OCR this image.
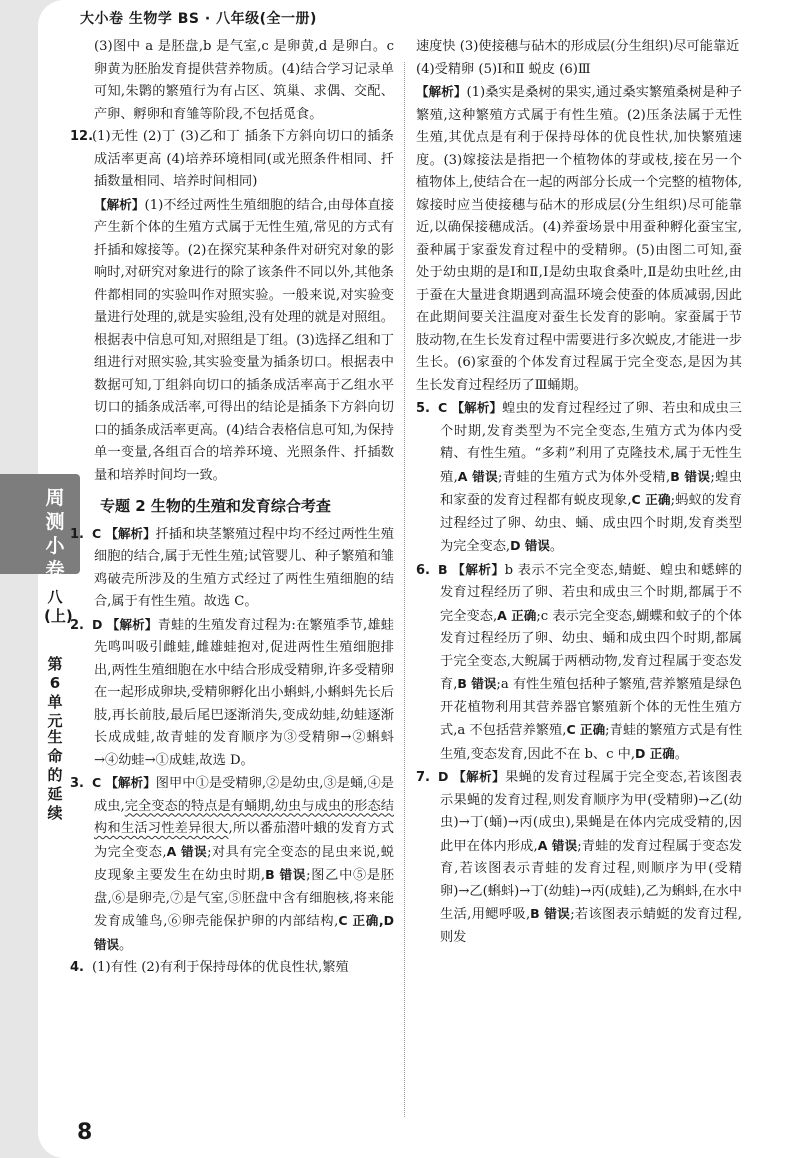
大小卷 生物学 BS · 八年级(全一册)
周测小卷
八(上)
第6单元
生命的延续

(3)图中 a 是胚盘,b 是气室,c 是卵黄,d 是卵白。c 卵黄为胚胎发育提供营养物质。(4)结合学习记录单可知,朱鹮的繁殖行为有占区、筑巢、求偶、交配、产卵、孵卵和育雏等阶段,不包括觅食。

12.(1)无性 (2)丁 (3)乙和丁 插条下方斜向切口的插条成活率更高 (4)培养环境相同(或光照条件相同、扦插数量相同、培养时间相同)

【解析】(1)不经过两性生殖细胞的结合,由母体直接产生新个体的生殖方式属于无性生殖,常见的方式有扦插和嫁接等。(2)在探究某种条件对研究对象的影响时,对研究对象进行的除了该条件不同以外,其他条件都相同的实验叫作对照实验。一般来说,对实验变量进行处理的,就是实验组,没有处理的就是对照组。根据表中信息可知,对照组是丁组。(3)选择乙组和丁组进行对照实验,其实验变量为插条切口。根据表中数据可知,丁组斜向切口的插条成活率高于乙组水平切口的插条成活率,可得出的结论是插条下方斜向切口的插条成活率更高。(4)结合表格信息可知,为保持单一变量,各组百合的培养环境、光照条件、扦插数量和培养时间均一致。

专题 2 生物的生殖和发育综合考查

1. C 【解析】扦插和块茎繁殖过程中均不经过两性生殖细胞的结合,属于无性生殖;试管婴儿、种子繁殖和雏鸡破壳所涉及的生殖方式经过了两性生殖细胞的结合,属于有性生殖。故选 C。

2. D 【解析】青蛙的生殖发育过程为:在繁殖季节,雄蛙先鸣叫吸引雌蛙,雌雄蛙抱对,促进两性生殖细胞排出,两性生殖细胞在水中结合形成受精卵,许多受精卵在一起形成卵块,受精卵孵化出小蝌蚪,小蝌蚪先长后肢,再长前肢,最后尾巴逐渐消失,变成幼蛙,幼蛙逐渐长成成蛙,故青蛙的发育顺序为③受精卵→②蝌蚪→④幼蛙→①成蛙,故选 D。

3. C 【解析】图甲中①是受精卵,②是幼虫,③是蛹,④是成虫,完全变态的特点是有蛹期,幼虫与成虫的形态结构和生活习性差异很大,所以番茄潜叶蛾的发育方式为完全变态,A 错误;对具有完全变态的昆虫来说,蜕皮现象主要发生在幼虫时期,B 错误;图乙中⑤是胚盘,⑥是卵壳,⑦是气室,⑤胚盘中含有细胞核,将来能发育成雏鸟,⑥卵壳能保护卵的内部结构,C 正确,D 错误。

4. (1)有性 (2)有利于保持母体的优良性状,繁殖

速度快 (3)使接穗与砧木的形成层(分生组织)尽可能靠近

(4)受精卵 (5)Ⅰ和Ⅱ 蜕皮 (6)Ⅲ

【解析】(1)桑实是桑树的果实,通过桑实繁殖桑树是种子繁殖,这种繁殖方式属于有性生殖。(2)压条法属于无性生殖,其优点是有利于保持母体的优良性状,加快繁殖速度。(3)嫁接法是指把一个植物体的芽或枝,接在另一个植物体上,使结合在一起的两部分长成一个完整的植物体,嫁接时应当使接穗与砧木的形成层(分生组织)尽可能靠近,以确保接穗成活。(4)养蚕场景中用蚕种孵化蚕宝宝,蚕种属于家蚕发育过程中的受精卵。(5)由图二可知,蚕处于幼虫期的是Ⅰ和Ⅱ,Ⅰ是幼虫取食桑叶,Ⅱ是幼虫吐丝,由于蚕在大量进食期遇到高温环境会使蚕的体质减弱,因此在此期间要关注温度对蚕生长发育的影响。家蚕属于节肢动物,在生长发育过程中需要进行多次蜕皮,才能进一步生长。(6)家蚕的个体发育过程属于完全变态,是因为其生长发育过程经历了Ⅲ蛹期。

5. C 【解析】蝗虫的发育过程经过了卵、若虫和成虫三个时期,发育类型为不完全变态,生殖方式为体内受精、有性生殖。“多莉”利用了克隆技术,属于无性生殖,A 错误;青蛙的生殖方式为体外受精,B 错误;蝗虫和家蚕的发育过程都有蜕皮现象,C 正确;蚂蚁的发育过程经过了卵、幼虫、蛹、成虫四个时期,发育类型为完全变态,D 错误。

6. B 【解析】b 表示不完全变态,蜻蜓、蝗虫和蟋蟀的发育过程经历了卵、若虫和成虫三个时期,都属于不完全变态,A 正确;c 表示完全变态,蝴蝶和蚊子的个体发育过程经历了卵、幼虫、蛹和成虫四个时期,都属于完全变态,大鲵属于两栖动物,发育过程属于变态发育,B 错误;a 有性生殖包括种子繁殖,营养繁殖是绿色开花植物利用其营养器官繁殖新个体的无性生殖方式,a 不包括营养繁殖,C 正确;青蛙的繁殖方式是有性生殖,变态发育,因此不在 b、c 中,D 正确。

7. D 【解析】果蝇的发育过程属于完全变态,若该图表示果蝇的发育过程,则发育顺序为甲(受精卵)→乙(幼虫)→丁(蛹)→丙(成虫),果蝇是在体内完成受精的,因此甲在体内形成,A 错误;青蛙的发育过程属于变态发育,若该图表示青蛙的发育过程,则顺序为甲(受精卵)→乙(蝌蚪)→丁(幼蛙)→丙(成蛙),乙为蝌蚪,在水中生活,用鳃呼吸,B 错误;若该图表示蜻蜓的发育过程,则发

8
